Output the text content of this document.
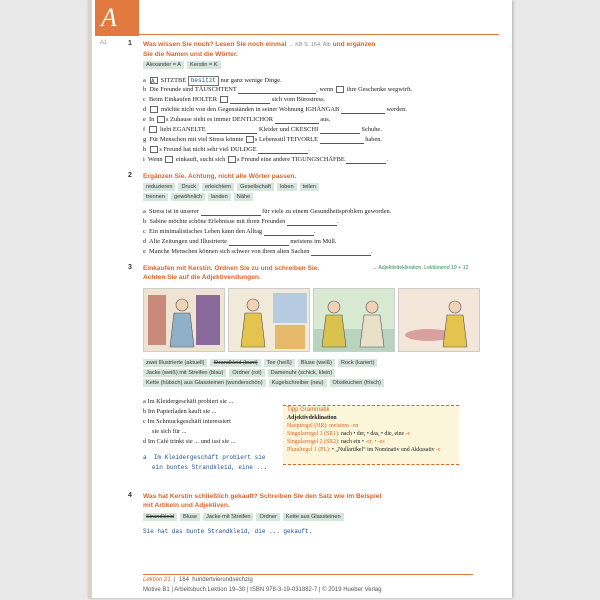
A
A1	1 Was wissen Sie noch? Lesen Sie noch einmal → KB S. 164, Alb und ergänzen
Sie die Namen und die Wörter.
Alexander = A	Kerstin = K
a A SITZTBE besitzt nur ganz wenige Dinge.
b Die Freunde sind TÄUSCHTENT	, wenn ihre Geschenke wegwirft.
c Beim Einkaufen HOLTER	sich vom Bürostress.
d möchte nicht von den Gegenständen in seiner Wohnung IGHÄNGAB	werden.
e In s Zuhause sieht es immer DENTLICHOR	aus.
f liebt EGANELTE	Kleider und CKESCHI	Schuhe.
g Für Menschen mit viel Stress könnte s Lebensstil TEIVORLE	haben.
h s Freund hat nicht sehr viel DULDGE	.
i Wenn einkauft, sucht sich s Freund eine andere TIGUNGSCHÄFBE	.
2 Ergänzen Sie. Achtung, nicht alle Wörter passen.
reduzieren	Druck	erleichtern	Gesellschaft	loben	teilen
trennen	gewöhnlich	landen	Nähe
a Stress ist in unserer	für viele zu einem Gesundheitsproblem geworden.
b Sabine möchte schöne Erlebnisse mit ihren Freunden	.
c Ein minimalistisches Leben kann den Alltag	.
d Alte Zeitungen und Illustrierte	meistens im Müll.
e Manche Menschen können sich schwer von ihren alten Sachen	.
3 Einkaufen mit Kerstin. Ordnen Sie zu und schreiben Sie.
Achten Sie auf die Adjektivendungen.
→ Adjektivdeklination, Lektionend 19 + 12
zwei Illustrierte (aktuell)	Strandkleid (bunt)	Tee (heiß)	Bluse (weiß)	Rock (kariert)
Jacke (weiß) mit Streifen (blau)	Ordner (rot)	Damenuhr (schick, klein)
Kette (hübsch) aus Glassteinen (wunderschön)	Kugelschreiber (neu)	Obstkuchen (frisch)
a Im Kleidergeschäft probiert sie ...
b Im Papierladen kauft sie ...
c Im Schmuckgeschäft interessiert
sie sich für ...
d Im Café trinkt sie ... und isst sie ...
a  Im Kleidergeschäft probiert sie
ein buntes Strandkleid, eine ...
Tipp Grammatik
Adjektivdeklination
Hauptregel (HR): meistens -en
Singularregel 1 (SR1): nach • der, • das, • die, eine -e
Singularregel 2 (SR2): nach ein • -er, • -es
Pluralregel 1 (PL): • „Nullartikel“ im Nominativ und Akkusativ -e
4 Was hat Kerstin schließlich gekauft? Schreiben Sie den Satz wie im Beispiel
mit Artikeln und Adjektiven.
Strandkleid	Bluse	Jacke mit Streifen	Ordner	Kette aus Glassteinen
Sie hat das bunte Strandkleid, die ... gekauft.
Lektion 21  |  164 hundertvierundsechzig
Motive B1 | Arbeitsbuch Lektion 19–30 | ISBN 978-3-19-031882-7 | © 2019 Hueber Verlag
